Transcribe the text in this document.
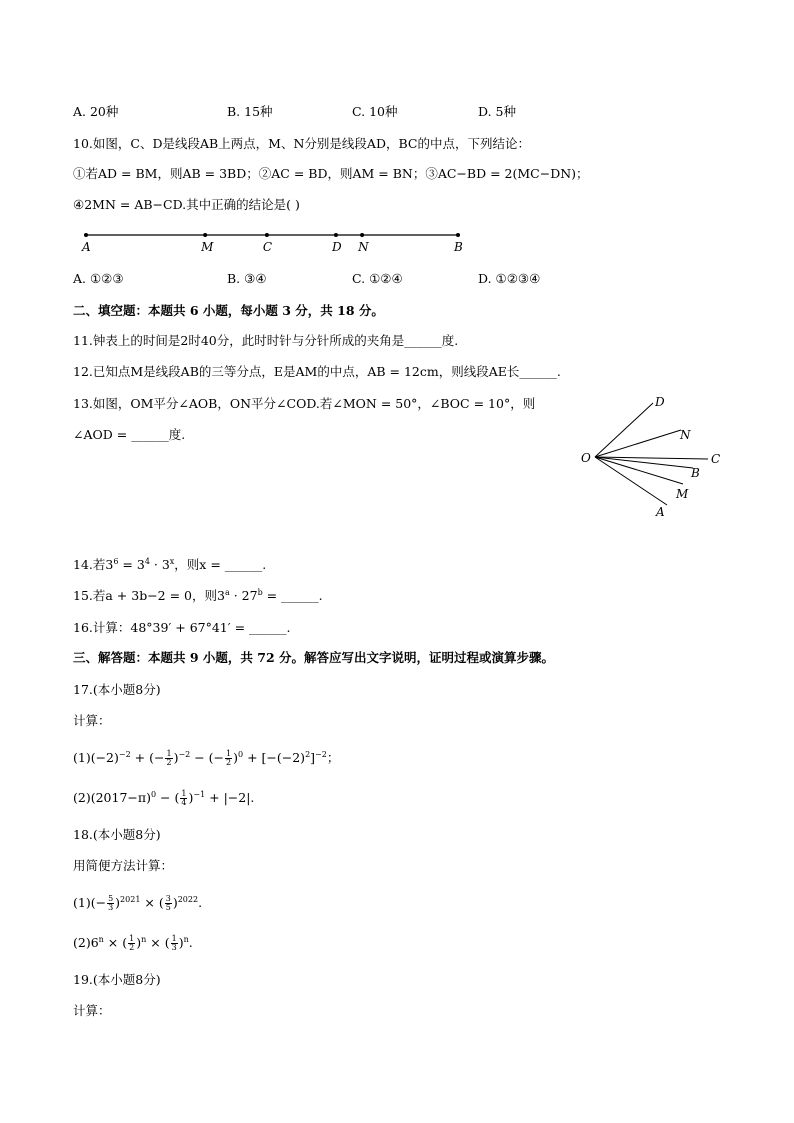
A. 20种	B. 15种	C. 10种	D. 5种
10.如图，C、D是线段AB上两点，M、N分别是线段AD，BC的中点，下列结论：
①若AD = BM，则AB = 3BD；②AC = BD，则AM = BN；③AC−BD = 2(MC−DN)；
④2MN = AB−CD.其中正确的结论是( )
A	M	C	D N	B
A. ①②③	B. ③④	C. ①②④	D. ①②③④
二、填空题：本题共 6 小题，每小题 3 分，共 18 分。
11.钟表上的时间是2时40分，此时时针与分针所成的夹角是______度.
12.已知点M是线段AB的三等分点，E是AM的中点，AB = 12cm，则线段AE长______.
13.如图，OM平分∠AOB，ON平分∠COD.若∠MON = 50°，∠BOC = 10°，则
∠AOD = ______度.
O
D
N
C
B
M
A
14.若$3^6 = 3^4 \cdot 3^x$，则x = ______.
15.若a + 3b−2 = 0，则$3^a \cdot 27^b$ = ______.
16.计算：48°39′ + 67°41′ = ______.
三、解答题：本题共 9 小题，共 72 分。解答应写出文字说明，证明过程或演算步骤。
17.(本小题8分)
计算：
$(1)(-2)^{-2}$ + (− $\frac{1}{2} )^{-2}$ − (− $\frac{1}{2} )^0 + [-(-2)^2]^{-2}$；
$(2)(2017-\pi)^0$ − ( $\frac{1}{4} )^{-1} + |-2|$.
18.(本小题8分)
用简便方法计算：
$(1)(- \frac{5}{3} )^{2021}$ × ( $\frac{3}{5} )^{2022}$.
$(2)6^n$ × ( $\frac{1}{2} )^n$ × ( $\frac{1}{3} )^n$.
19.(本小题8分)
计算：
